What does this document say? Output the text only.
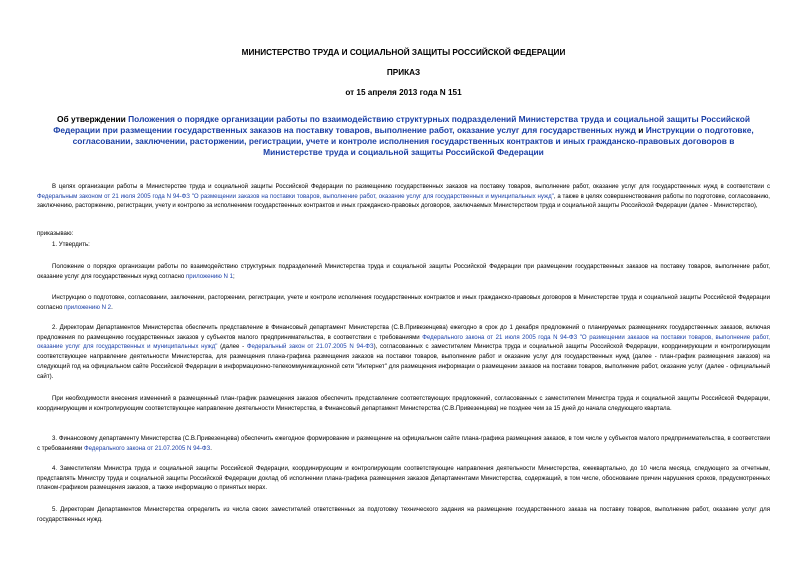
МИНИСТЕРСТВО ТРУДА И СОЦИАЛЬНОЙ ЗАЩИТЫ РОССИЙСКОЙ ФЕДЕРАЦИИ
ПРИКАЗ
от 15 апреля 2013 года N 151
Об утверждении Положения о порядке организации работы по взаимодействию структурных подразделений Министерства труда и социальной защиты Российской Федерации при размещении государственных заказов на поставку товаров, выполнение работ, оказание услуг для государственных нужд и Инструкции о подготовке, согласовании, заключении, расторжении, регистрации, учете и контроле исполнения государственных контрактов и иных гражданско-правовых договоров в Министерстве труда и социальной защиты Российской Федерации

В целях организации работы в Министерстве труда и социальной защиты Российской Федерации по размещению государственных заказов на поставку товаров, выполнение работ, оказание услуг для государственных нужд в соответствии с Федеральным законом от 21 июля 2005 года N 94-ФЗ "О размещении заказов на поставки товаров, выполнение работ, оказание услуг для государственных и муниципальных нужд", а также в целях совершенствования работы по подготовке, согласованию, заключению, расторжению, регистрации, учету и контролю за исполнением государственных контрактов и иных гражданско-правовых договоров, заключаемых Министерством труда и социальной защиты Российской Федерации (далее - Министерство),

приказываю:

1. Утвердить:

Положение о порядке организации работы по взаимодействию структурных подразделений Министерства труда и социальной защиты Российской Федерации при размещении государственных заказов на поставку товаров, выполнение работ, оказание услуг для государственных нужд согласно приложению N 1;

Инструкцию о подготовке, согласовании, заключении, расторжении, регистрации, учете и контроле исполнения государственных контрактов и иных гражданско-правовых договоров в Министерстве труда и социальной защиты Российской Федерации согласно приложению N 2.

2. Директорам Департаментов Министерства обеспечить представление в Финансовый департамент Министерства (С.В.Привезенцева) ежегодно в срок до 1 декабря предложений о планируемых размещениях государственных заказов, включая предложения по размещению государственных заказов у субъектов малого предпринимательства, в соответствии с требованиями Федерального закона от 21 июля 2005 года N 94-ФЗ "О размещении заказов на поставки товаров, выполнение работ, оказание услуг для государственных и муниципальных нужд" (далее - Федеральный закон от 21.07.2005 N 94-ФЗ), согласованных с заместителем Министра труда и социальной защиты Российской Федерации, координирующим и контролирующим соответствующее направление деятельности Министерства, для размещения плана-графика размещения заказов на поставки товаров, выполнение работ и оказание услуг для государственных нужд (далее - план-график размещения заказов) на следующий год на официальном сайте Российской Федерации в информационно-телекоммуникационной сети "Интернет" для размещения информации о размещении заказов на поставки товаров, выполнение работ, оказание услуг (далее - официальный сайт).

При необходимости внесения изменений в размещенный план-график размещения заказов обеспечить представление соответствующих предложений, согласованных с заместителем Министра труда и социальной защиты Российской Федерации, координирующим и контролирующим соответствующее направление деятельности Министерства, в Финансовый департамент Министерства (С.В.Привезенцева) не позднее чем за 15 дней до начала следующего квартала.

3. Финансовому департаменту Министерства (С.В.Привезенцева) обеспечить ежегодное формирование и размещение на официальном сайте плана-графика размещения заказов, в том числе у субъектов малого предпринимательства, в соответствии с требованиями Федерального закона от 21.07.2005 N 94-ФЗ.

4. Заместителям Министра труда и социальной защиты Российской Федерации, координирующим и контролирующим соответствующие направления деятельности Министерства, ежеквартально, до 10 числа месяца, следующего за отчетным, представлять Министру труда и социальной защиты Российской Федерации доклад об исполнении плана-графика размещения заказов Департаментами Министерства, содержащий, в том числе, обоснование причин нарушения сроков, предусмотренных планом-графиком размещения заказов, а также информацию о принятых мерах.

5. Директорам Департаментов Министерства определить из числа своих заместителей ответственных за подготовку технического задания на размещение государственного заказа на поставку товаров, выполнение работ, оказание услуг для государственных нужд.
